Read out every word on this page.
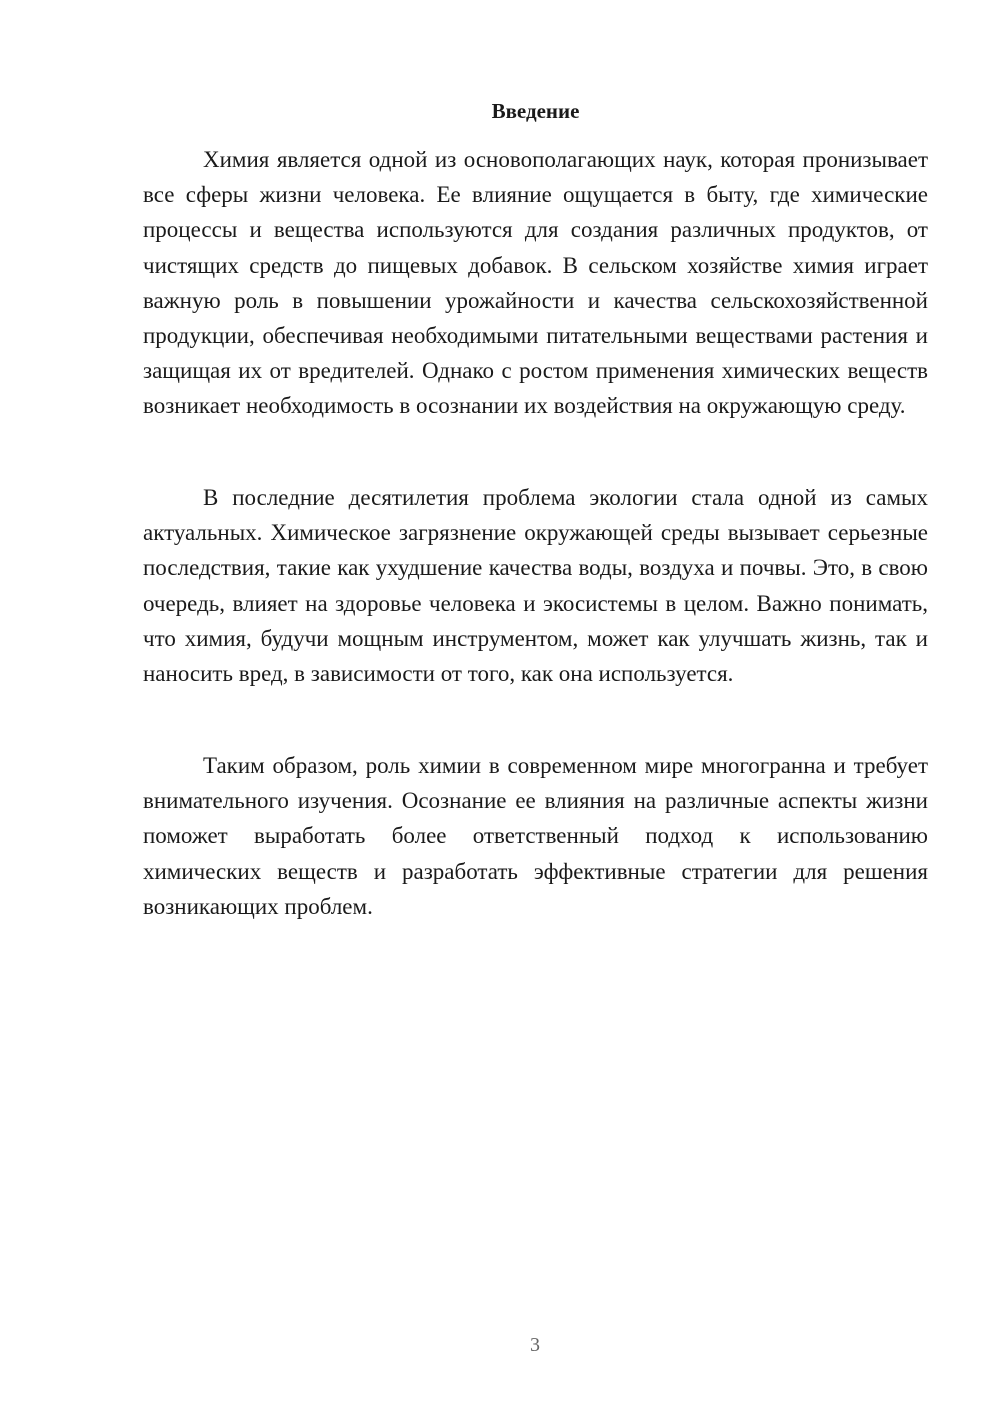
Введение

Химия является одной из основополагающих наук, которая пронизывает все сферы жизни человека. Ее влияние ощущается в быту, где химические процессы и вещества используются для создания различных продуктов, от чистящих средств до пищевых добавок. В сельском хозяйстве химия играет важную роль в повышении урожайности и качества сельскохозяйственной продукции, обеспечивая необходимыми питательными веществами растения и защищая их от вредителей. Однако с ростом применения химических веществ возникает необходимость в осознании их воздействия на окружающую среду.

В последние десятилетия проблема экологии стала одной из самых актуальных. Химическое загрязнение окружающей среды вызывает серьезные последствия, такие как ухудшение качества воды, воздуха и почвы. Это, в свою очередь, влияет на здоровье человека и экосистемы в целом. Важно понимать, что химия, будучи мощным инструментом, может как улучшать жизнь, так и наносить вред, в зависимости от того, как она используется.

Таким образом, роль химии в современном мире многогранна и требует внимательного изучения. Осознание ее влияния на различные аспекты жизни поможет выработать более ответственный подход к использованию химических веществ и разработать эффективные стратегии для решения возникающих проблем.

3
